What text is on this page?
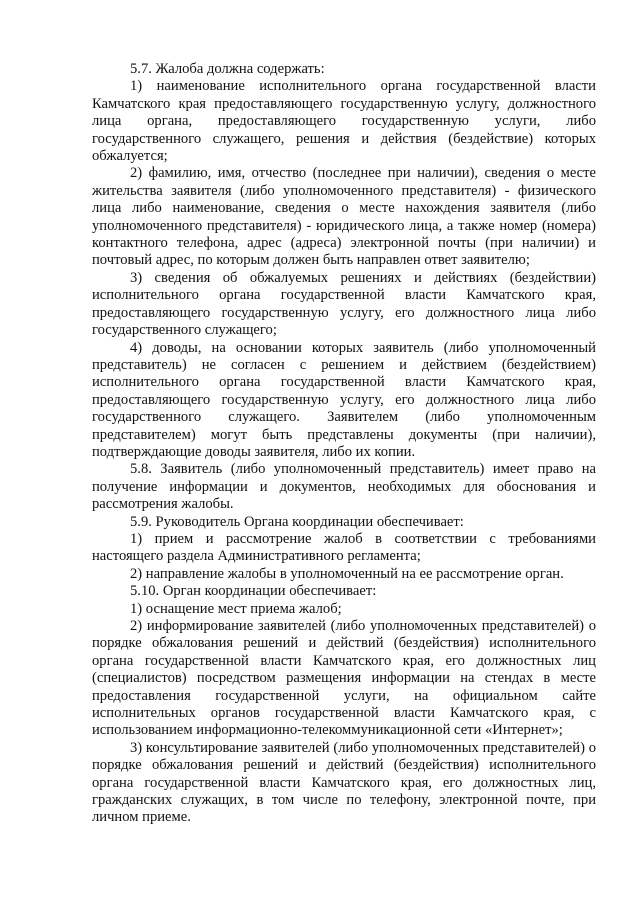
5.7. Жалоба должна содержать:

1) наименование исполнительного органа государственной власти Камчатского края предоставляющего государственную услугу, должностного лица органа, предоставляющего государственную услуги, либо государственного служащего, решения и действия (бездействие) которых обжалуется;

2) фамилию, имя, отчество (последнее при наличии), сведения о месте жительства заявителя (либо уполномоченного представителя) - физического лица либо наименование, сведения о месте нахождения заявителя (либо уполномоченного представителя) - юридического лица, а также номер (номера) контактного телефона, адрес (адреса) электронной почты (при наличии) и почтовый адрес, по которым должен быть направлен ответ заявителю;

3) сведения об обжалуемых решениях и действиях (бездействии) исполнительного органа государственной власти Камчатского края, предоставляющего государственную услугу, его должностного лица либо государственного служащего;

4) доводы, на основании которых заявитель (либо уполномоченный представитель) не согласен с решением и действием (бездействием) исполнительного органа государственной власти Камчатского края, предоставляющего государственную услугу, его должностного лица либо государственного служащего. Заявителем (либо уполномоченным представителем) могут быть представлены документы (при наличии), подтверждающие доводы заявителя, либо их копии.

5.8. Заявитель (либо уполномоченный представитель) имеет право на получение информации и документов, необходимых для обоснования и рассмотрения жалобы.

5.9. Руководитель Органа координации обеспечивает:

1) прием и рассмотрение жалоб в соответствии с требованиями настоящего раздела Административного регламента;

2) направление жалобы в уполномоченный на ее рассмотрение орган.

5.10. Орган координации обеспечивает:

1) оснащение мест приема жалоб;

2) информирование заявителей (либо уполномоченных представителей) о порядке обжалования решений и действий (бездействия) исполнительного органа государственной власти Камчатского края, его должностных лиц (специалистов) посредством размещения информации на стендах в месте предоставления государственной услуги, на официальном сайте исполнительных органов государственной власти Камчатского края, с использованием информационно-телекоммуникационной сети «Интернет»;

3) консультирование заявителей (либо уполномоченных представителей) о порядке обжалования решений и действий (бездействия) исполнительного органа государственной власти Камчатского края, его должностных лиц, гражданских служащих, в том числе по телефону, электронной почте, при личном приеме.
